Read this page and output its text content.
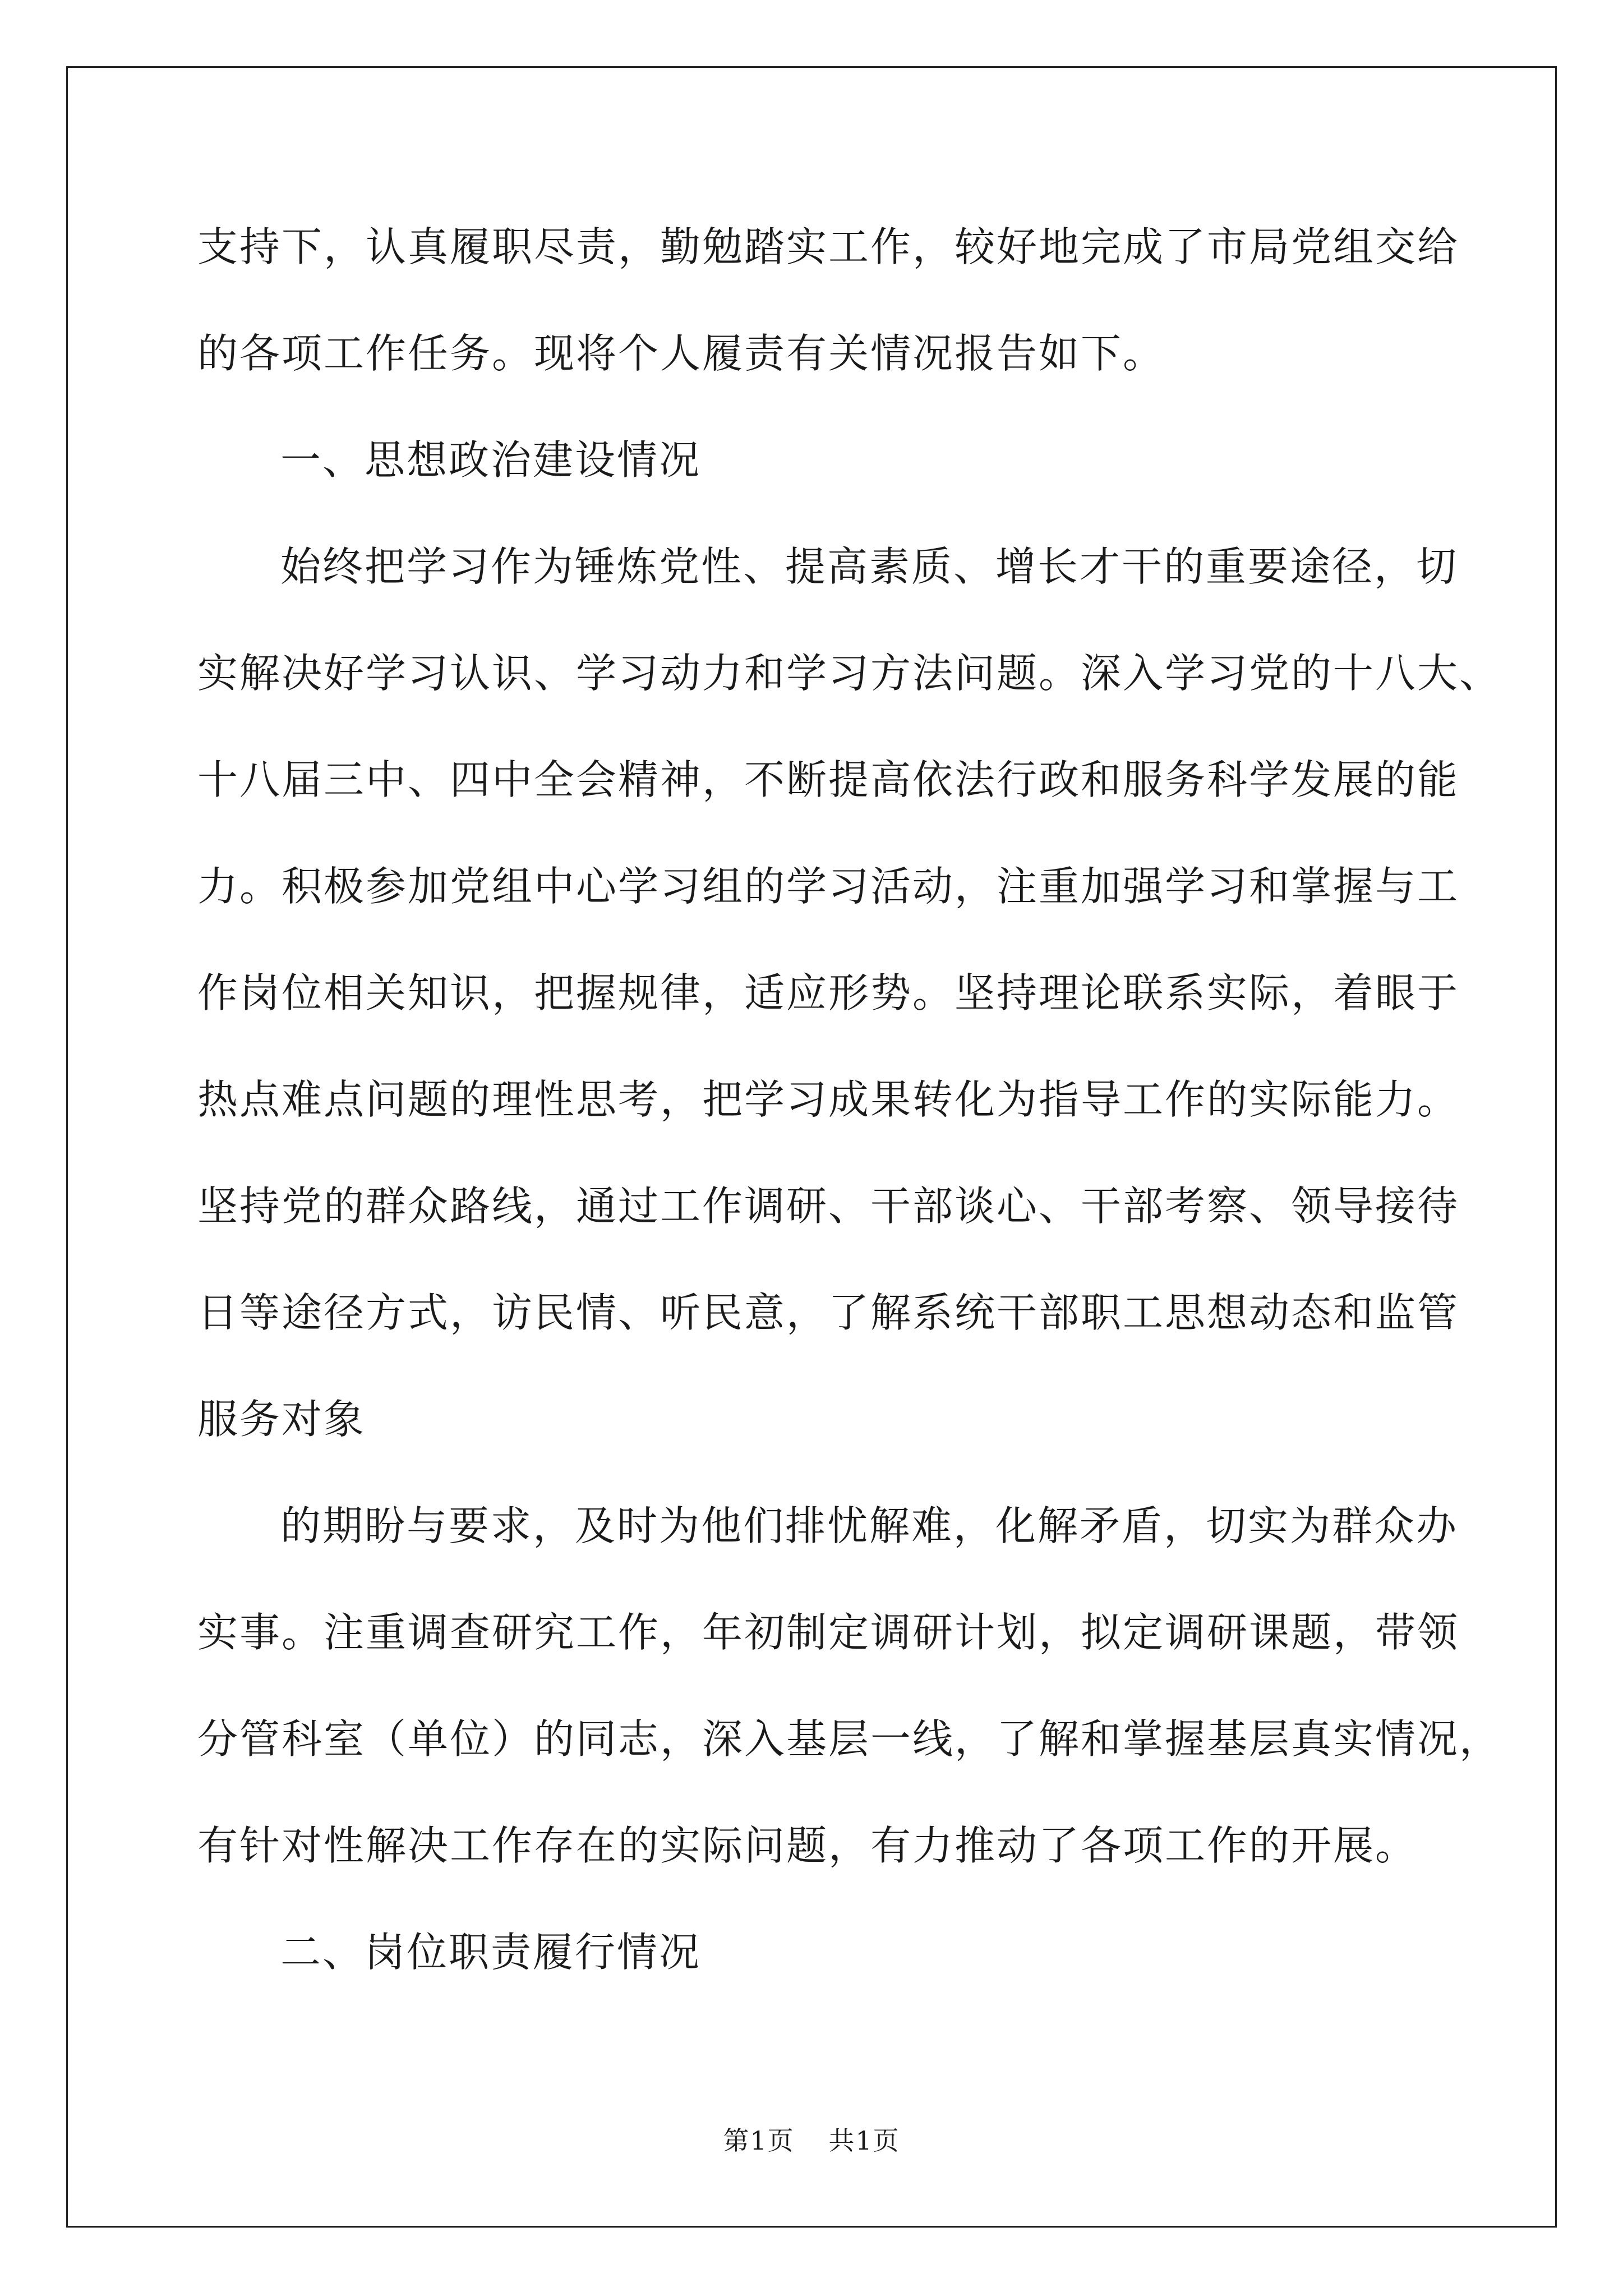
支持下，认真履职尽责，勤勉踏实工作，较好地完成了市局党组交给
的各项工作任务。现将个人履责有关情况报告如下。
一、思想政治建设情况
始终把学习作为锤炼党性、提高素质、增长才干的重要途径，切
实解决好学习认识、学习动力和学习方法问题。深入学习党的十八大、
十八届三中、四中全会精神，不断提高依法行政和服务科学发展的能
力。积极参加党组中心学习组的学习活动，注重加强学习和掌握与工
作岗位相关知识，把握规律，适应形势。坚持理论联系实际，着眼于
热点难点问题的理性思考，把学习成果转化为指导工作的实际能力。
坚持党的群众路线，通过工作调研、干部谈心、干部考察、领导接待
日等途径方式，访民情、听民意，了解系统干部职工思想动态和监管
服务对象
的期盼与要求，及时为他们排忧解难，化解矛盾，切实为群众办
实事。注重调查研究工作，年初制定调研计划，拟定调研课题，带领
分管科室（单位）的同志，深入基层一线，了解和掌握基层真实情况，
有针对性解决工作存在的实际问题，有力推动了各项工作的开展。
二、岗位职责履行情况
第1页 共1页
